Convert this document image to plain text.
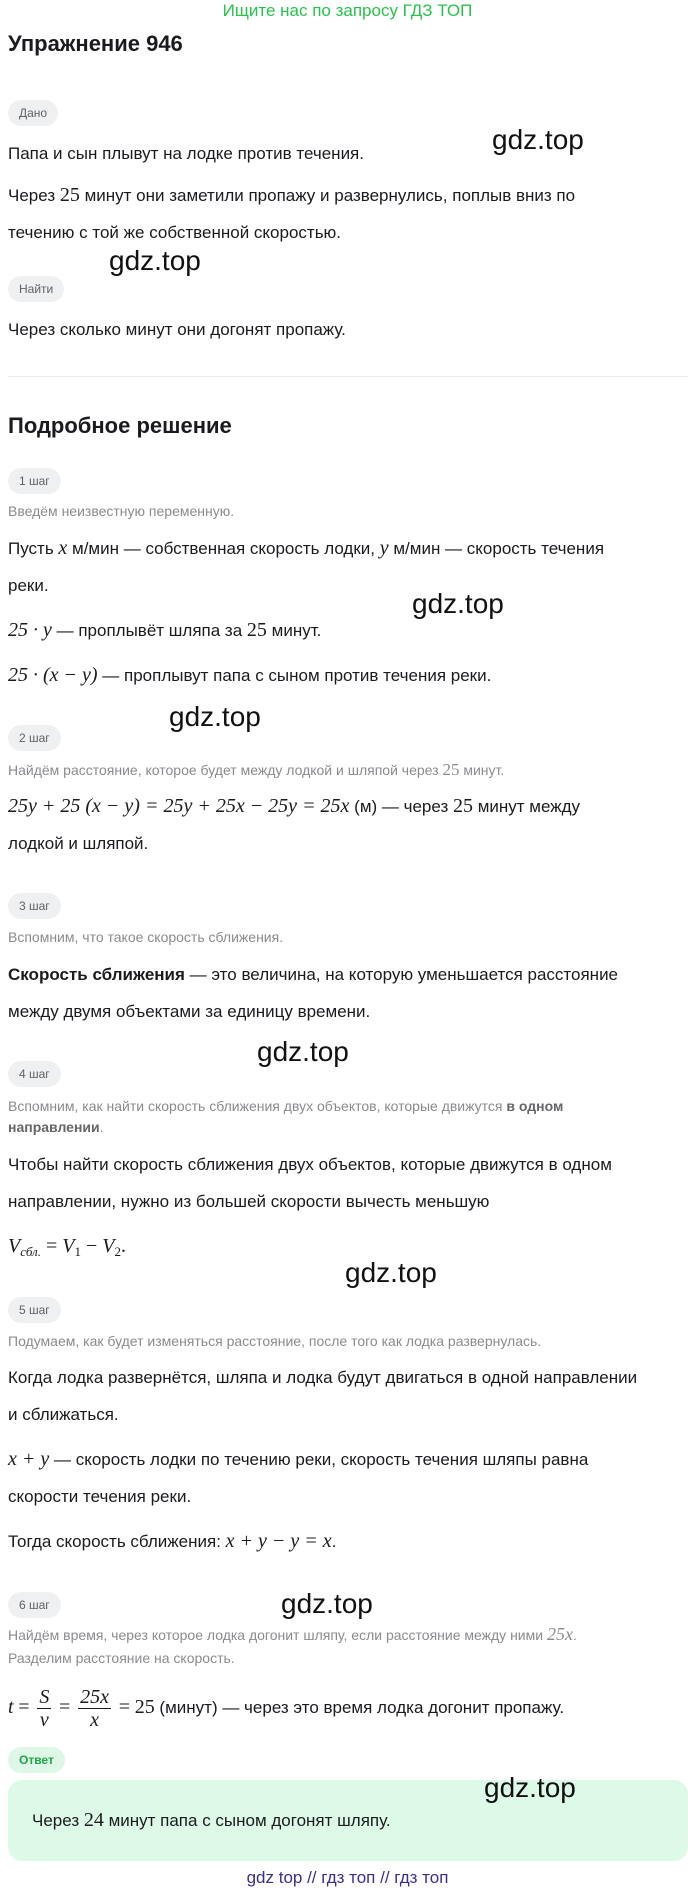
Ищите нас по запросу ГДЗ ТОП
Упражнение 946
Дано
Папа и сын плывут на лодке против течения.
Через 25 минут они заметили пропажу и развернулись, поплыв вниз по
течению с той же собственной скоростью.
Найти
Через сколько минут они догонят пропажу.
Подробное решение
1 шаг
Введём неизвестную переменную.
Пусть x м/мин — собственная скорость лодки, y м/мин — скорость течения
реки.
25 · y — проплывёт шляпа за 25 минут.
25 · (x − y) — проплывут папа с сыном против течения реки.
2 шаг
Найдём расстояние, которое будет между лодкой и шляпой через 25 минут.
25y + 25 (x − y) = 25y + 25x − 25y = 25x (м) — через 25 минут между
лодкой и шляпой.
3 шаг
Вспомним, что такое скорость сближения.
Скорость сближения — это величина, на которую уменьшается расстояние
между двумя объектами за единицу времени.
4 шаг
Вспомним, как найти скорость сближения двух объектов, которые движутся в одном
направлении.
Чтобы найти скорость сближения двух объектов, которые движутся в одном
направлении, нужно из большей скорости вычесть меньшую
$V_{сбл.} = V_1 - V_2$.
5 шаг
Подумаем, как будет изменяться расстояние, после того как лодка развернулась.
Когда лодка развернётся, шляпа и лодка будут двигаться в одной направлении
и сближаться.
x + y — скорость лодки по течению реки, скорость течения шляпы равна
скорости течения реки.
Тогда скорость сближения: x + y − y = x.
6 шаг
Найдём время, через которое лодка догонит шляпу, если расстояние между ними 25x.
Разделим расстояние на скорость.
$t = \frac{S}{v} = \frac{25x}{x} = 25$ (минут) — через это время лодка догонит пропажу.
Ответ
Через 24 минут папа с сыном догонят шляпу.
gdz.top
gdz.top
gdz.top
gdz.top
gdz.top
gdz.top
gdz.top
gdz.top
gdz top // гдз топ // гдз топ
